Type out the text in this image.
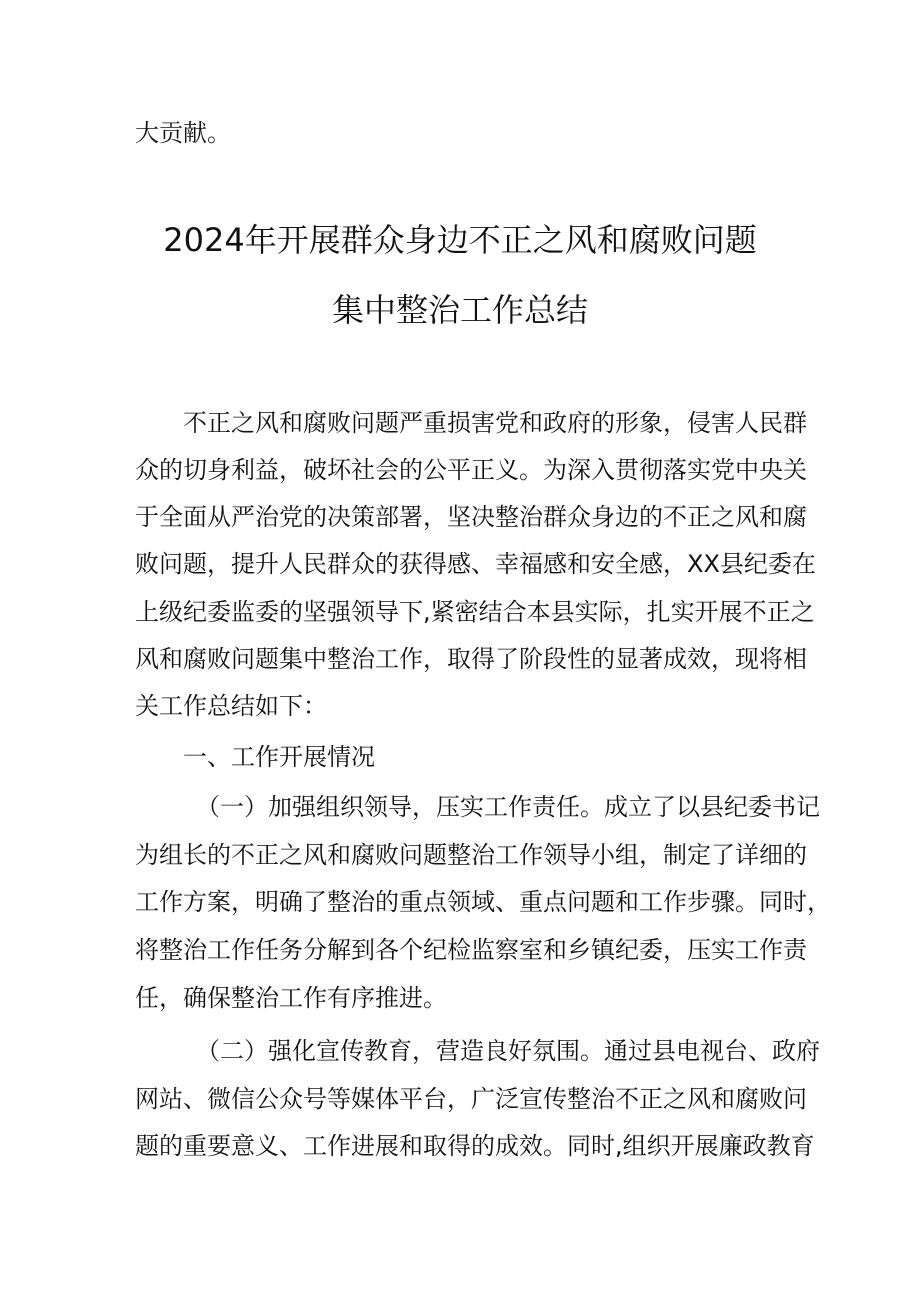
大贡献。
2024年开展群众身边不正之风和腐败问题
集中整治工作总结
不正之风和腐败问题严重损害党和政府的形象，侵害人民群
众的切身利益，破坏社会的公平正义。为深入贯彻落实党中央关
于全面从严治党的决策部署，坚决整治群众身边的不正之风和腐
败问题，提升人民群众的获得感、幸福感和安全感，XX县纪委在
上级纪委监委的坚强领导下,紧密结合本县实际，扎实开展不正之
风和腐败问题集中整治工作，取得了阶段性的显著成效，现将相
关工作总结如下：
一、工作开展情况
（一）加强组织领导，压实工作责任。成立了以县纪委书记
为组长的不正之风和腐败问题整治工作领导小组，制定了详细的
工作方案，明确了整治的重点领域、重点问题和工作步骤。同时，
将整治工作任务分解到各个纪检监察室和乡镇纪委，压实工作责
任，确保整治工作有序推进。
（二）强化宣传教育，营造良好氛围。通过县电视台、政府
网站、微信公众号等媒体平台，广泛宣传整治不正之风和腐败问
题的重要意义、工作进展和取得的成效。同时,组织开展廉政教育
